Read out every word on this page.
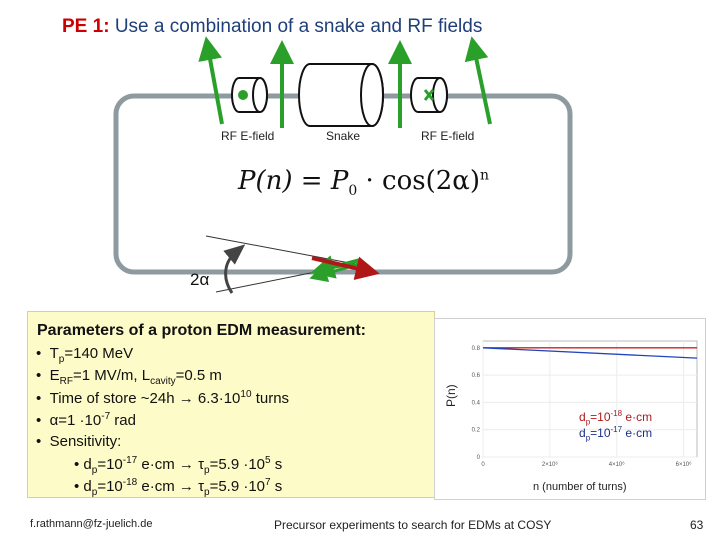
PE 1: Use a combination of a snake and RF fields
RF E-field	Snake	RF E-field
$P(n) = P_0 \cdot \cos(2\alpha)^n$
2α
Parameters of a proton EDM measurement:
• $T_p=140$ MeV
• $E_{RF}=1$ MV/m, $L_{cavity}=0.5$ m
• Time of store ~24h → $6.3\cdot 10^{10}$ turns
• $\alpha=1 \cdot 10^{-7}$ rad
• Sensitivity:
• $d_p=10^{-17}$ $e\cdot cm \to \tau_p=5.9 \cdot 10^5$ s
• $d_p=10^{-18}$ $e\cdot cm \to \tau_p=5.9 \cdot 10^7$ s
0
0.2
0.4
0.6
0.8
0	2×10⁶	4×10⁶	6×10⁶
P(n)
n (number of turns)
$d_p=10^{-18}$ e·cm
$d_p=10^{-17}$ e·cm
f.rathmann@fz-juelich.de	Precursor experiments to search for EDMs at COSY	63
